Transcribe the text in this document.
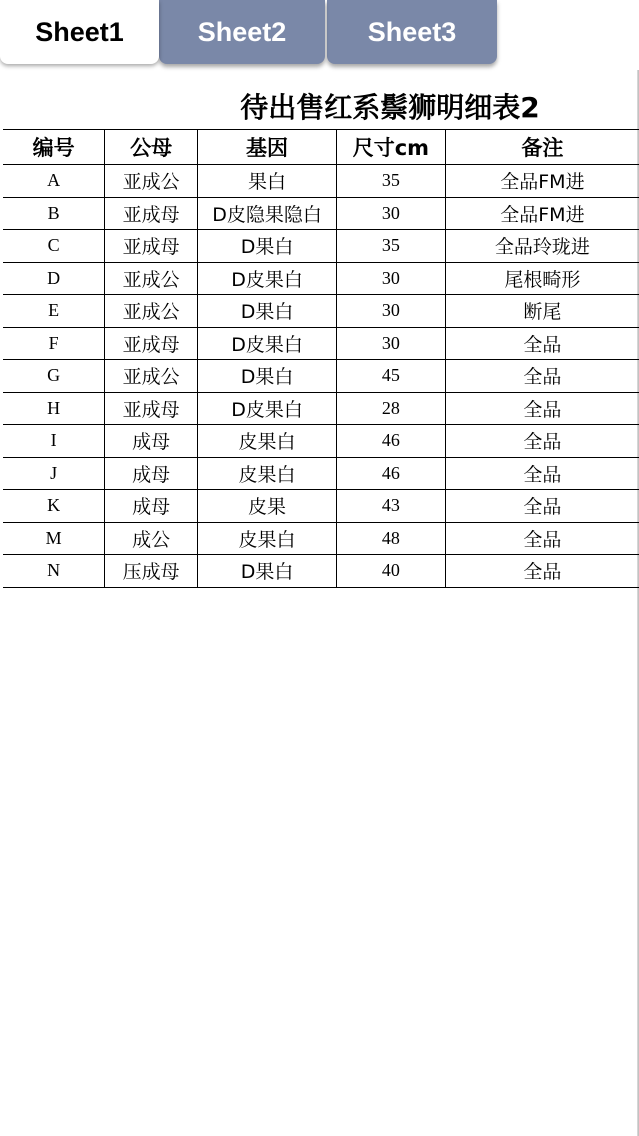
Sheet3
Sheet2
Sheet1
待出售红系鬃狮明细表2
编号	公母	基因	尺寸cm	备注
A	亚成公	果白	35	全品FM进
B	亚成母	D皮隐果隐白	30	全品FM进
C	亚成母	D果白	35	全品玲珑进
D	亚成公	D皮果白	30	尾根畸形
E	亚成公	D果白	30	断尾
F	亚成母	D皮果白	30	全品
G	亚成公	D果白	45	全品
H	亚成母	D皮果白	28	全品
I	成母	皮果白	46	全品
J	成母	皮果白	46	全品
K	成母	皮果	43	全品
M	成公	皮果白	48	全品
N	压成母	D果白	40	全品
